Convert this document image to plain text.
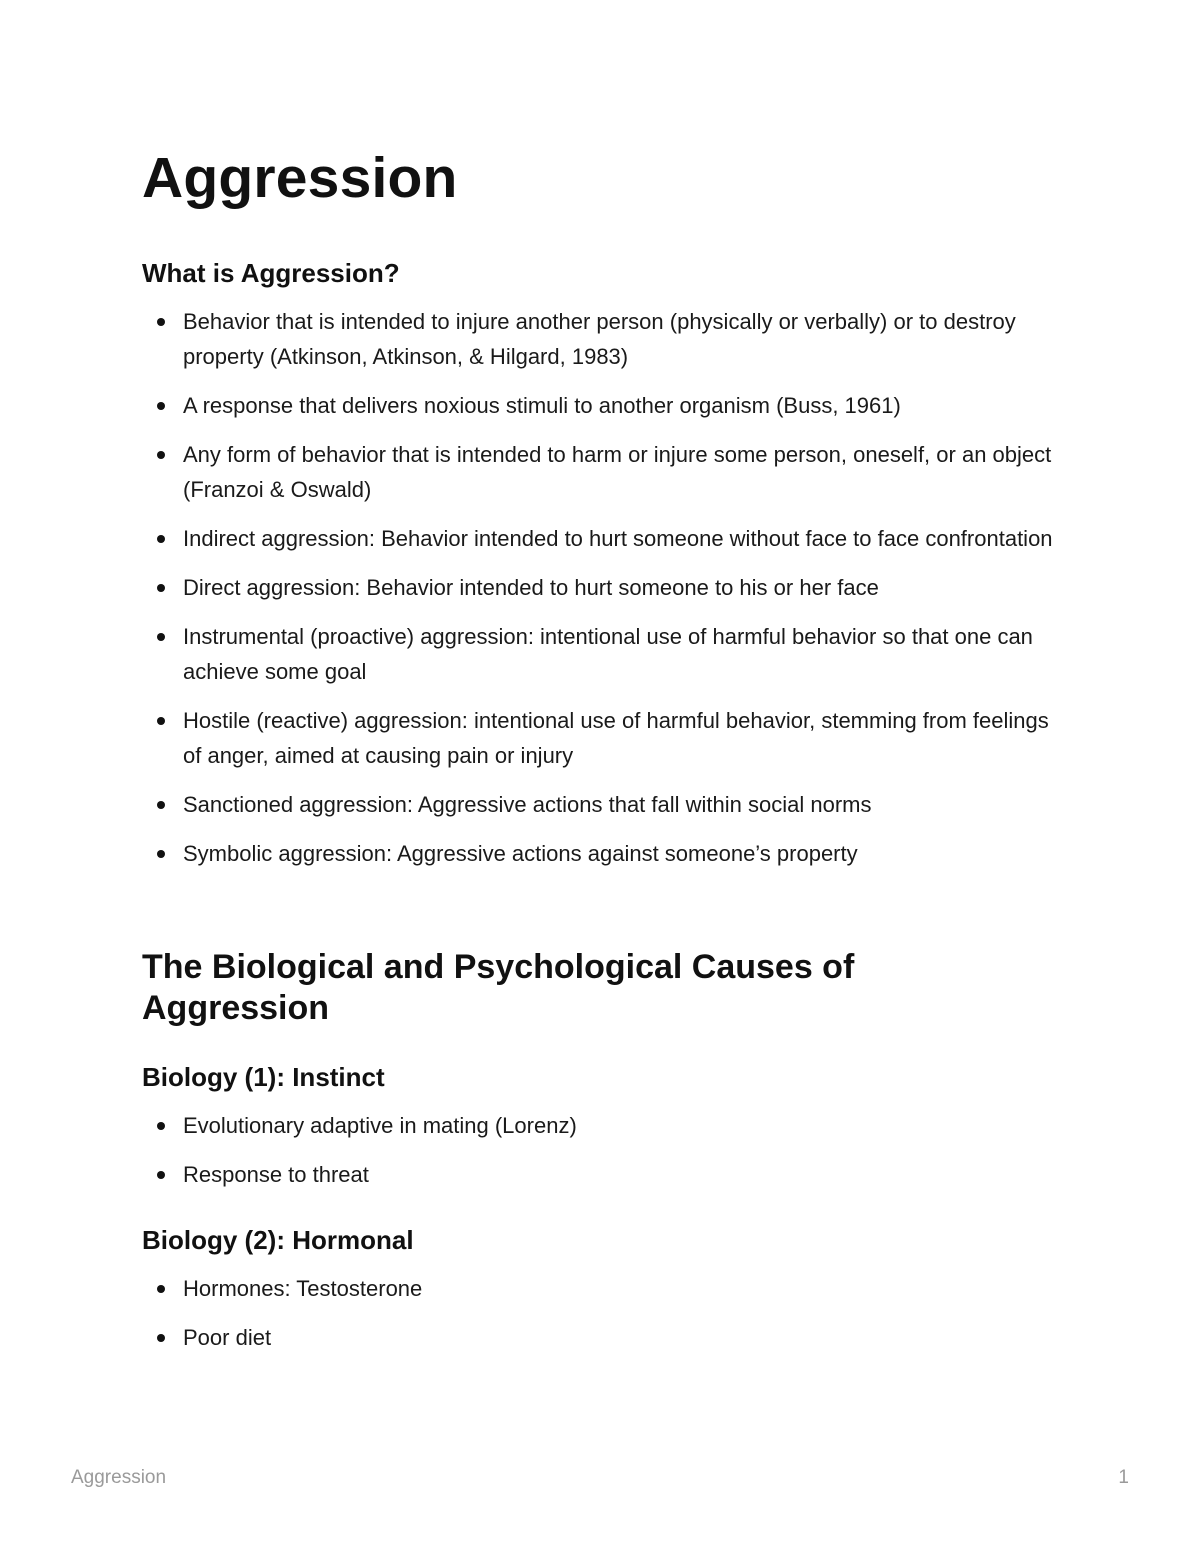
Aggression
What is Aggression?
Behavior that is intended to injure another person (physically or verbally) or to destroy property (Atkinson, Atkinson, & Hilgard, 1983)
A response that delivers noxious stimuli to another organism (Buss, 1961)
Any form of behavior that is intended to harm or injure some person, oneself, or an object (Franzoi & Oswald)
Indirect aggression: Behavior intended to hurt someone without face to face confrontation
Direct aggression: Behavior intended to hurt someone to his or her face
Instrumental (proactive) aggression: intentional use of harmful behavior so that one can achieve some goal
Hostile (reactive) aggression: intentional use of harmful behavior, stemming from feelings of anger, aimed at causing pain or injury
Sanctioned aggression: Aggressive actions that fall within social norms
Symbolic aggression: Aggressive actions against someone’s property
The Biological and Psychological Causes of Aggression
Biology (1): Instinct
Evolutionary adaptive in mating (Lorenz)
Response to threat
Biology (2): Hormonal
Hormones: Testosterone
Poor diet
Aggression	1
